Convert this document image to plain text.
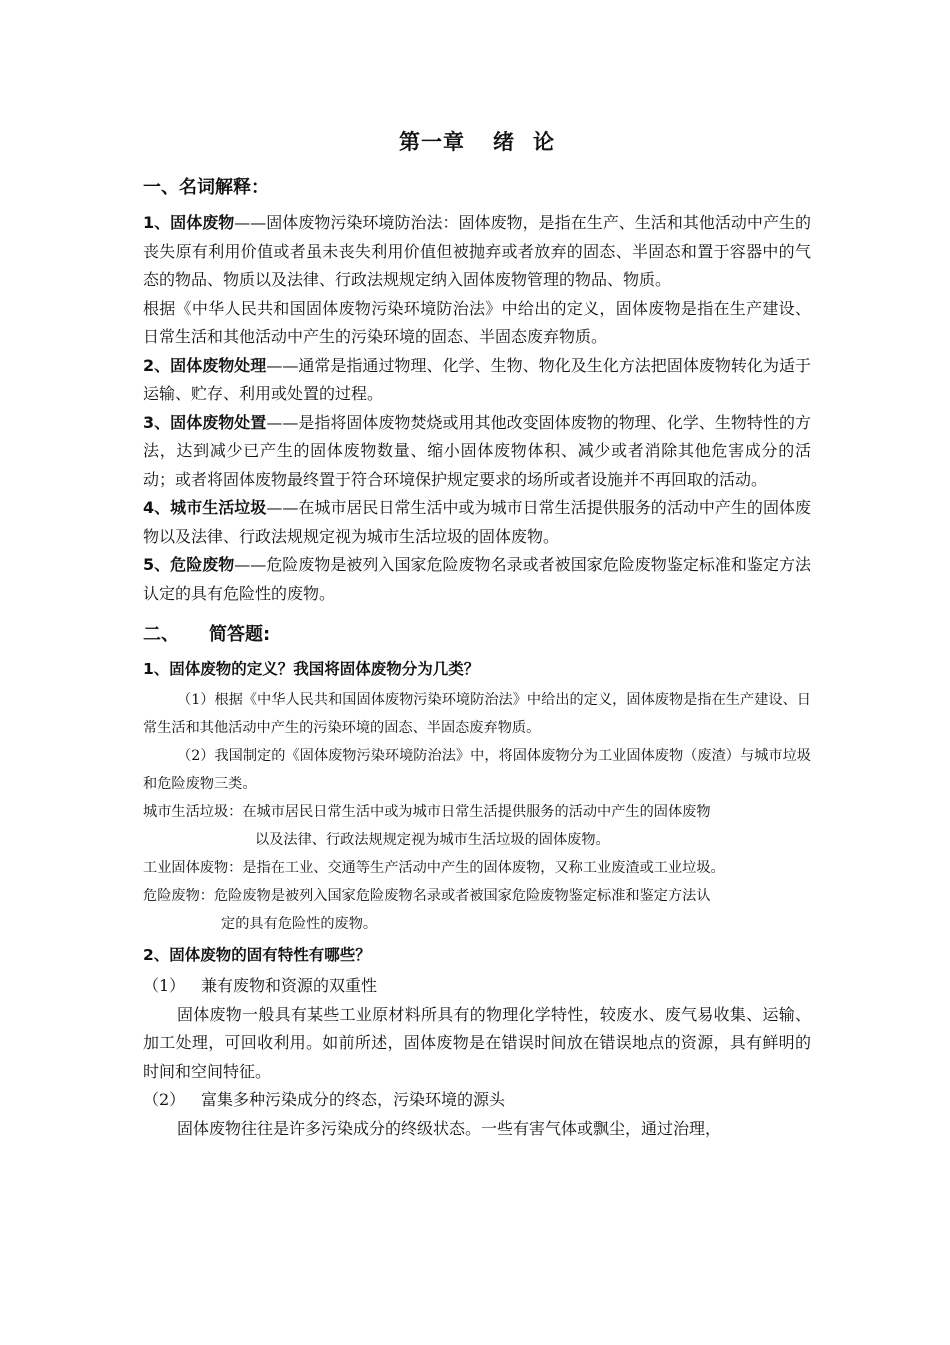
第一章 绪 论
一、名词解释：

1、固体废物——固体废物污染环境防治法：固体废物，是指在生产、生活和其他活动中产生的丧失原有利用价值或者虽未丧失利用价值但被抛弃或者放弃的固态、半固态和置于容器中的气态的物品、物质以及法律、行政法规规定纳入固体废物管理的物品、物质。

根据《中华人民共和国固体废物污染环境防治法》中给出的定义，固体废物是指在生产建设、日常生活和其他活动中产生的污染环境的固态、半固态废弃物质。

2、固体废物处理——通常是指通过物理、化学、生物、物化及生化方法把固体废物转化为适于运输、贮存、利用或处置的过程。

3、固体废物处置——是指将固体废物焚烧或用其他改变固体废物的物理、化学、生物特性的方法，达到减少已产生的固体废物数量、缩小固体废物体积、减少或者消除其他危害成分的活动；或者将固体废物最终置于符合环境保护规定要求的场所或者设施并不再回取的活动。

4、城市生活垃圾——在城市居民日常生活中或为城市日常生活提供服务的活动中产生的固体废物以及法律、行政法规规定视为城市生活垃圾的固体废物。

5、危险废物——危险废物是被列入国家危险废物名录或者被国家危险废物鉴定标准和鉴定方法认定的具有危险性的废物。

二、 简答题:
1、固体废物的定义？我国将固体废物分为几类？

（1）根据《中华人民共和国固体废物污染环境防治法》中给出的定义，固体废物是指在生产建设、日常生活和其他活动中产生的污染环境的固态、半固态废弃物质。

（2）我国制定的《固体废物污染环境防治法》中，将固体废物分为工业固体废物（废渣）与城市垃圾和危险废物三类。

城市生活垃圾：在城市居民日常生活中或为城市日常生活提供服务的活动中产生的固体废物
以及法律、行政法规规定视为城市生活垃圾的固体废物。

工业固体废物：是指在工业、交通等生产活动中产生的固体废物，又称工业废渣或工业垃圾。

危险废物：危险废物是被列入国家危险废物名录或者被国家危险废物鉴定标准和鉴定方法认
定的具有危险性的废物。

2、固体废物的固有特性有哪些？

（1） 兼有废物和资源的双重性

固体废物一般具有某些工业原材料所具有的物理化学特性，较废水、废气易收集、运输、加工处理，可回收利用。如前所述，固体废物是在错误时间放在错误地点的资源，具有鲜明的时间和空间特征。

（2） 富集多种污染成分的终态，污染环境的源头

固体废物往往是许多污染成分的终级状态。一些有害气体或飘尘，通过治理，
